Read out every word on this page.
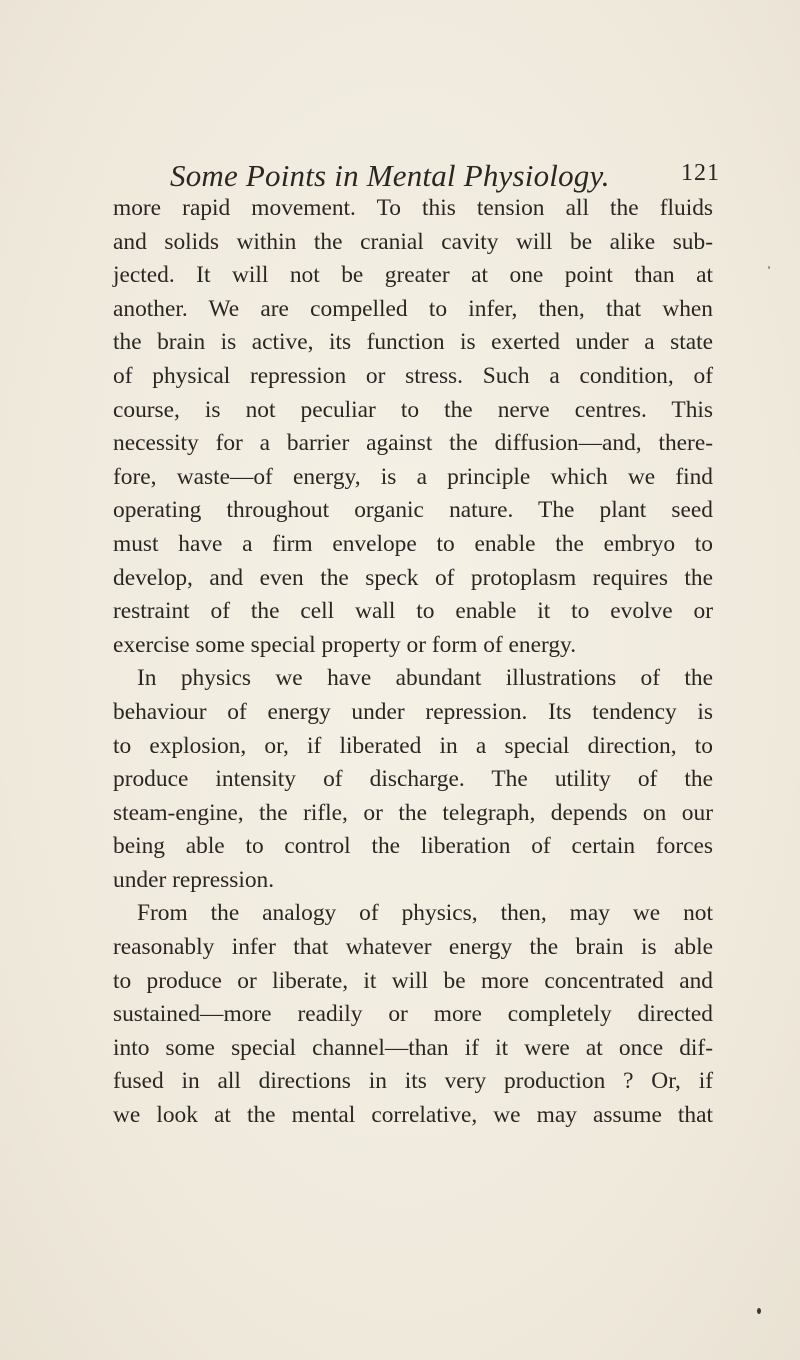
Some Points in Mental Physiology.	121
more rapid movement. To this tension all the fluids
and solids within the cranial cavity will be alike sub-
jected. It will not be greater at one point than at
another. We are compelled to infer, then, that when
the brain is active, its function is exerted under a state
of physical repression or stress. Such a condition, of
course, is not peculiar to the nerve centres. This
necessity for a barrier against the diffusion—and, there-
fore, waste—of energy, is a principle which we find
operating throughout organic nature. The plant seed
must have a firm envelope to enable the embryo to
develop, and even the speck of protoplasm requires the
restraint of the cell wall to enable it to evolve or
exercise some special property or form of energy.
In physics we have abundant illustrations of the
behaviour of energy under repression. Its tendency is
to explosion, or, if liberated in a special direction, to
produce intensity of discharge. The utility of the
steam-engine, the rifle, or the telegraph, depends on our
being able to control the liberation of certain forces
under repression.
From the analogy of physics, then, may we not
reasonably infer that whatever energy the brain is able
to produce or liberate, it will be more concentrated and
sustained—more readily or more completely directed
into some special channel—than if it were at once dif-
fused in all directions in its very production ? Or, if
we look at the mental correlative, we may assume that
